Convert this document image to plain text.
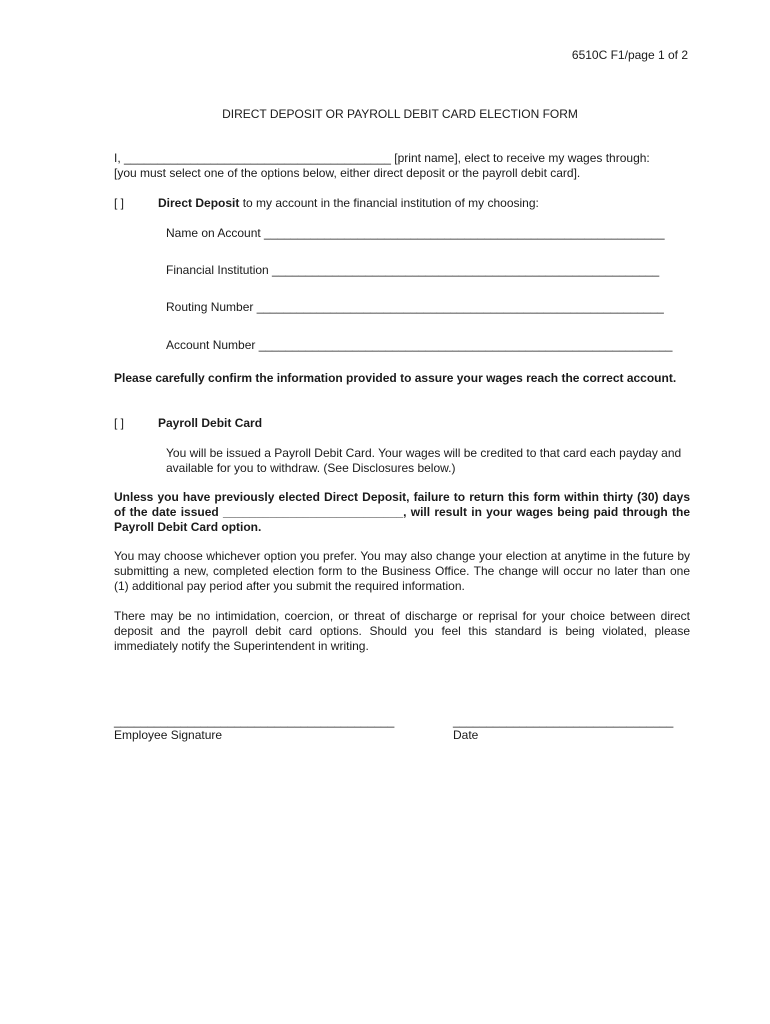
6510C F1/page 1 of 2
DIRECT DEPOSIT OR PAYROLL DEBIT CARD ELECTION FORM
I, ________________________________________ [print name], elect to receive my wages through:
[you must select one of the options below, either direct deposit or the payroll debit card].
[ ]	Direct Deposit to my account in the financial institution of my choosing:
Name on Account ____________________________________________________________
Financial Institution __________________________________________________________
Routing Number _____________________________________________________________
Account Number ______________________________________________________________
Please carefully confirm the information provided to assure your wages reach the correct account.
[ ]	Payroll Debit Card
You will be issued a Payroll Debit Card. Your wages will be credited to that card each payday and available for you to withdraw. (See Disclosures below.)
Unless you have previously elected Direct Deposit, failure to return this form within thirty (30) days of the date issued ___________________________, will result in your wages being paid through the Payroll Debit Card option.
You may choose whichever option you prefer. You may also change your election at anytime in the future by submitting a new, completed election form to the Business Office. The change will occur no later than one (1) additional pay period after you submit the required information.
There may be no intimidation, coercion, or threat of discharge or reprisal for your choice between direct deposit and the payroll debit card options. Should you feel this standard is being violated, please immediately notify the Superintendent in writing.
__________________________________________
Employee Signature
_________________________________
Date
